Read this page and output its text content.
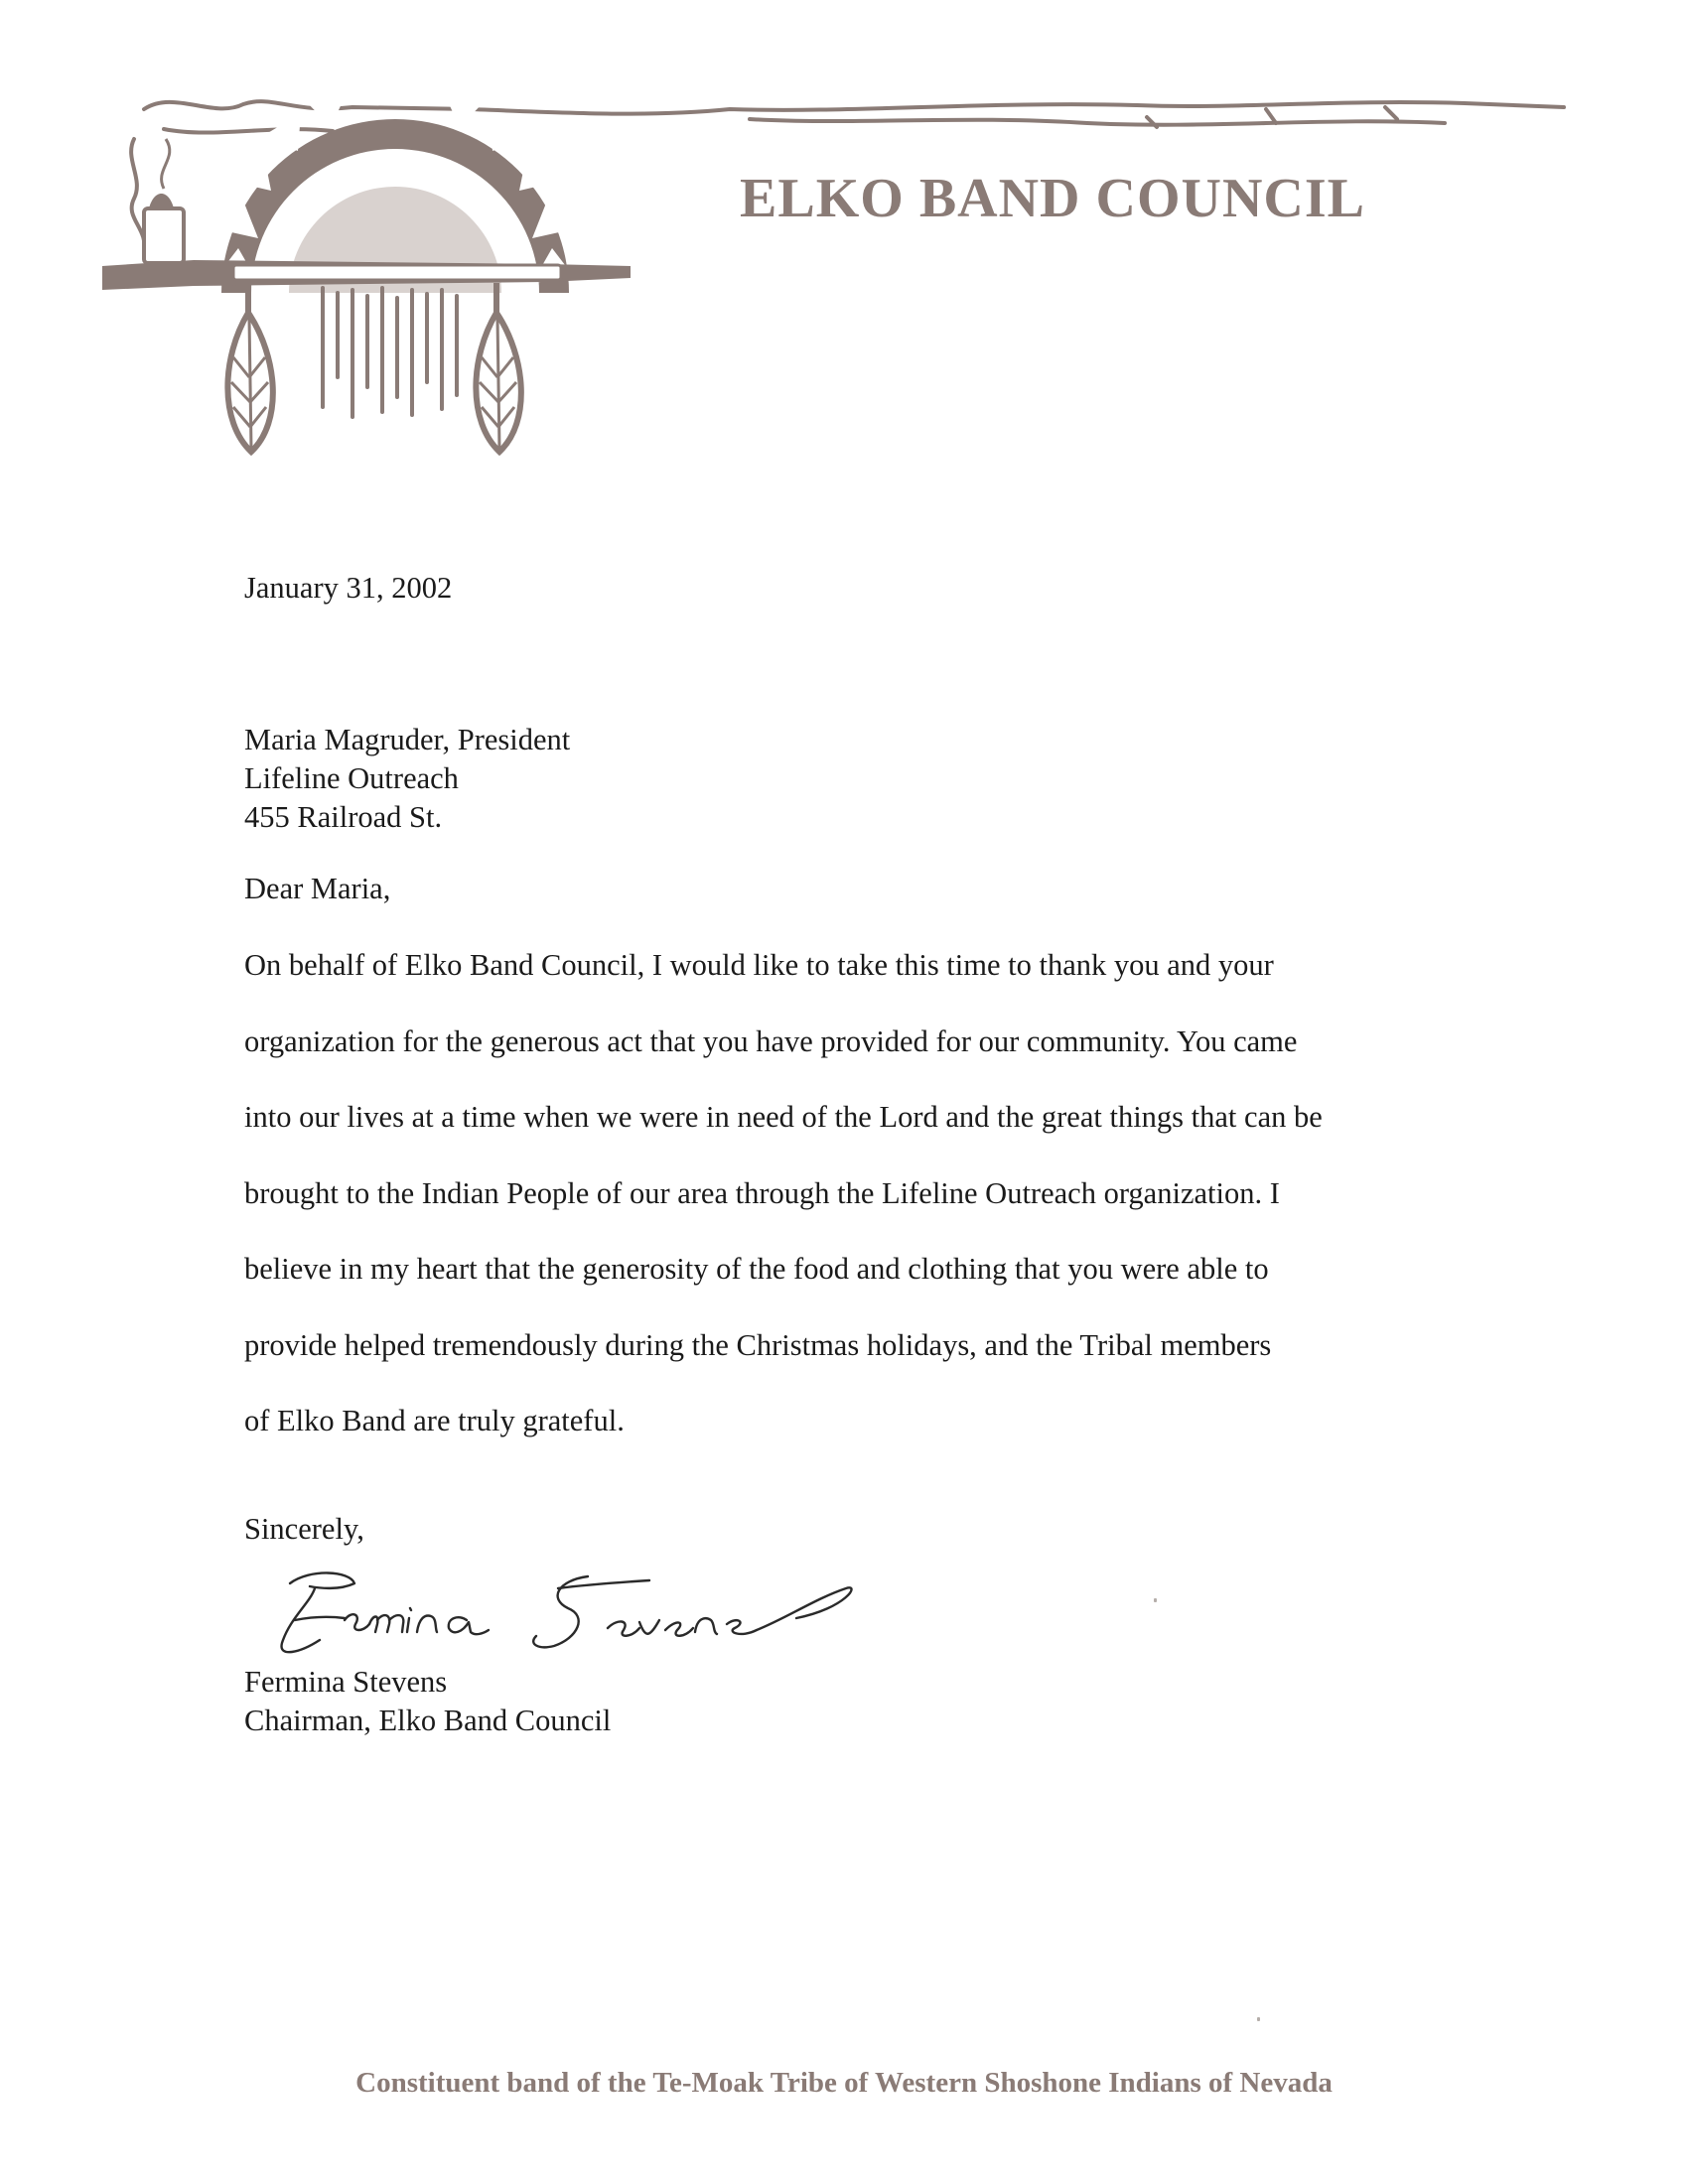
ELKO BAND COUNCIL

January 31, 2002

Maria Magruder, President
Lifeline Outreach
455 Railroad St.

Dear Maria,

On behalf of Elko Band Council, I would like to take this time to thank you and your
organization for the generous act that you have provided for our community. You came
into our lives at a time when we were in need of the Lord and the great things that can be
brought to the Indian People of our area through the Lifeline Outreach organization. I
believe in my heart that the generosity of the food and clothing that you were able to
provide helped tremendously during the Christmas holidays, and the Tribal members
of Elko Band are truly grateful.

Sincerely,

Fermina Stevens
Chairman, Elko Band Council

Constituent band of the Te-Moak Tribe of Western Shoshone Indians of Nevada
